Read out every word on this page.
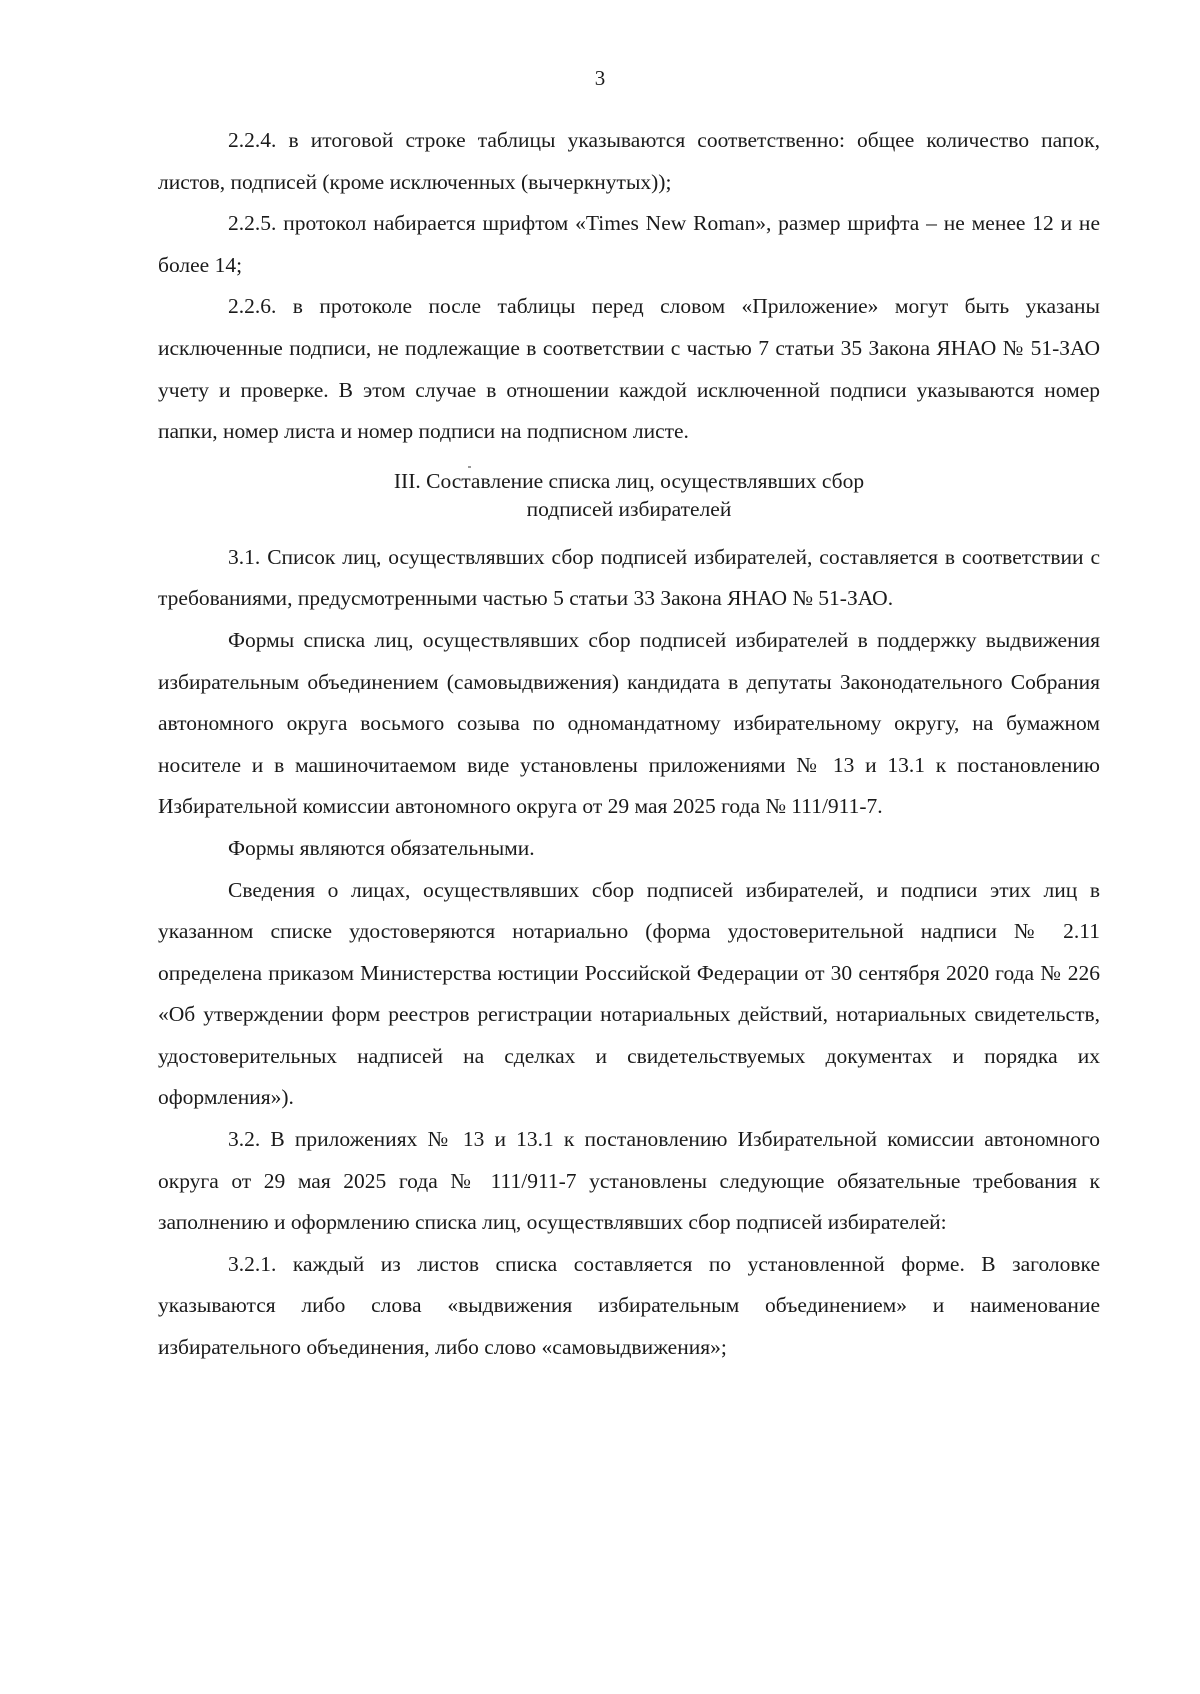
3

2.2.4. в итоговой строке таблицы указываются соответственно: общее количество папок, листов, подписей (кроме исключенных (вычеркнутых));

2.2.5. протокол набирается шрифтом «Times New Roman», размер шрифта – не менее 12 и не более 14;

2.2.6. в протоколе после таблицы перед словом «Приложение» могут быть указаны исключенные подписи, не подлежащие в соответствии с частью 7 статьи 35 Закона ЯНАО № 51-ЗАО учету и проверке. В этом случае в отношении каждой исключенной подписи указываются номер папки, номер листа и номер подписи на подписном листе.

III. Составление списка лиц, осуществлявших сбор
подписей избирателей

3.1. Список лиц, осуществлявших сбор подписей избирателей, составляется в соответствии с требованиями, предусмотренными частью 5 статьи 33 Закона ЯНАО № 51-ЗАО.

Формы списка лиц, осуществлявших сбор подписей избирателей в поддержку выдвижения избирательным объединением (самовыдвижения) кандидата в депутаты Законодательного Собрания автономного округа восьмого созыва по одномандатному избирательному округу, на бумажном носителе и в машиночитаемом виде установлены приложениями № 13 и 13.1 к постановлению Избирательной комиссии автономного округа от 29 мая 2025 года № 111/911-7.

Формы являются обязательными.

Сведения о лицах, осуществлявших сбор подписей избирателей, и подписи этих лиц в указанном списке удостоверяются нотариально (форма удостоверительной надписи № 2.11 определена приказом Министерства юстиции Российской Федерации от 30 сентября 2020 года № 226 «Об утверждении форм реестров регистрации нотариальных действий, нотариальных свидетельств, удостоверительных надписей на сделках и свидетельствуемых документах и порядка их оформления»).

3.2. В приложениях № 13 и 13.1 к постановлению Избирательной комиссии автономного округа от 29 мая 2025 года № 111/911-7 установлены следующие обязательные требования к заполнению и оформлению списка лиц, осуществлявших сбор подписей избирателей:

3.2.1. каждый из листов списка составляется по установленной форме. В заголовке указываются либо слова «выдвижения избирательным объединением» и наименование избирательного объединения, либо слово «самовыдвижения»;
